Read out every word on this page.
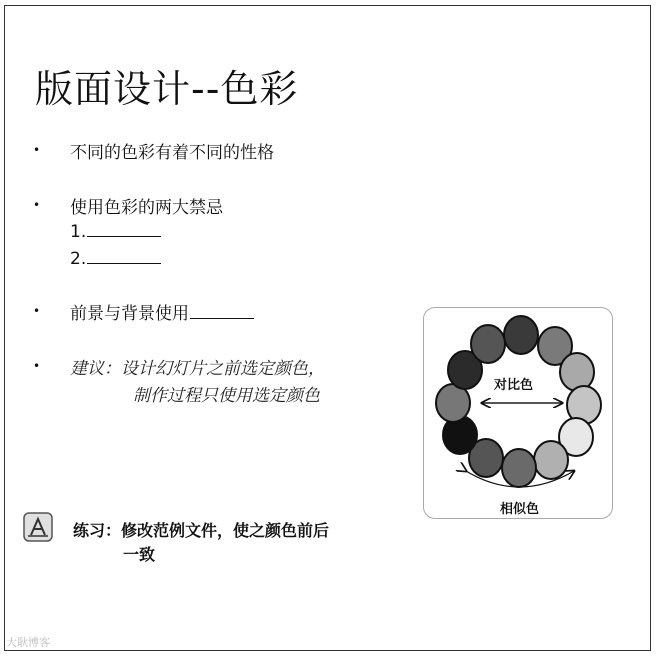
版面设计--色彩
• 不同的色彩有着不同的性格
• 使用色彩的两大禁忌
1.
2.
• 前景与背景使用
• 建议：设计幻灯片之前选定颜色，
制作过程只使用选定颜色
对比色
相似色
练习：修改范例文件，使之颜色前后
一致
大耿博客
